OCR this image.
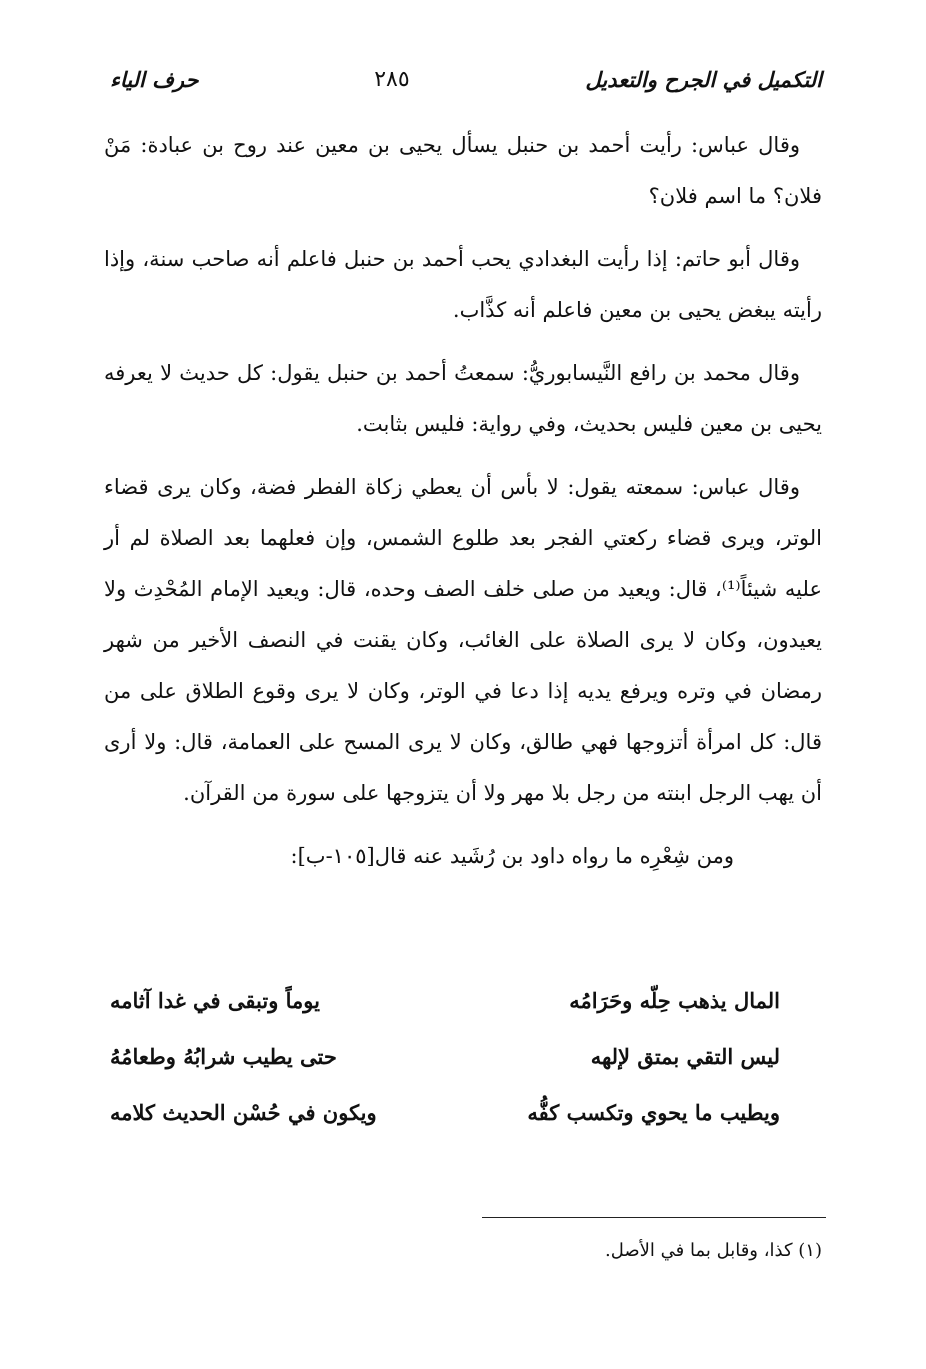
التكميل في الجرح والتعديل
٢٨٥
حرف الياء

وقال عباس: رأيت أحمد بن حنبل يسأل يحيى بن معين عند روح بن عبادة: مَنْ فلان؟ ما اسم فلان؟

وقال أبو حاتم: إذا رأيت البغدادي يحب أحمد بن حنبل فاعلم أنه صاحب سنة، وإذا رأيته يبغض يحيى بن معين فاعلم أنه كذَّاب.

وقال محمد بن رافع النَّيسابوريُّ: سمعتُ أحمد بن حنبل يقول: كل حديث لا يعرفه يحيى بن معين فليس بحديث، وفي رواية: فليس بثابت.

وقال عباس: سمعته يقول: لا بأس أن يعطي زكاة الفطر فضة، وكان يرى قضاء الوتر، ويرى قضاء ركعتي الفجر بعد طلوع الشمس، وإن فعلهما بعد الصلاة لم أر عليه شيئاً⁽¹⁾، قال: ويعيد من صلى خلف الصف وحده، قال: ويعيد الإمام المُحْدِث ولا يعيدون، وكان لا يرى الصلاة على الغائب، وكان يقنت في النصف الأخير من شهر رمضان في وتره ويرفع يديه إذا دعا في الوتر، وكان لا يرى وقوع الطلاق على من قال: كل امرأة أتزوجها فهي طالق، وكان لا يرى المسح على العمامة، قال: ولا أرى أن يهب الرجل ابنته من رجل بلا مهر ولا أن يتزوجها على سورة من القرآن.

ومن شِعْرِه ما رواه داود بن رُشَيد عنه قال[١٠٥-ب]:

المال يذهب حِلّه وحَرَامُه
يوماً وتبقى في غدا آثامه
ليس التقي بمتق لإلهه
حتى يطيب شرابُهُ وطعامُهُ
ويطيب ما يحوي وتكسب كفُّه
ويكون في حُسْن الحديث كلامه
(١) كذا، وقابل بما في الأصل.
